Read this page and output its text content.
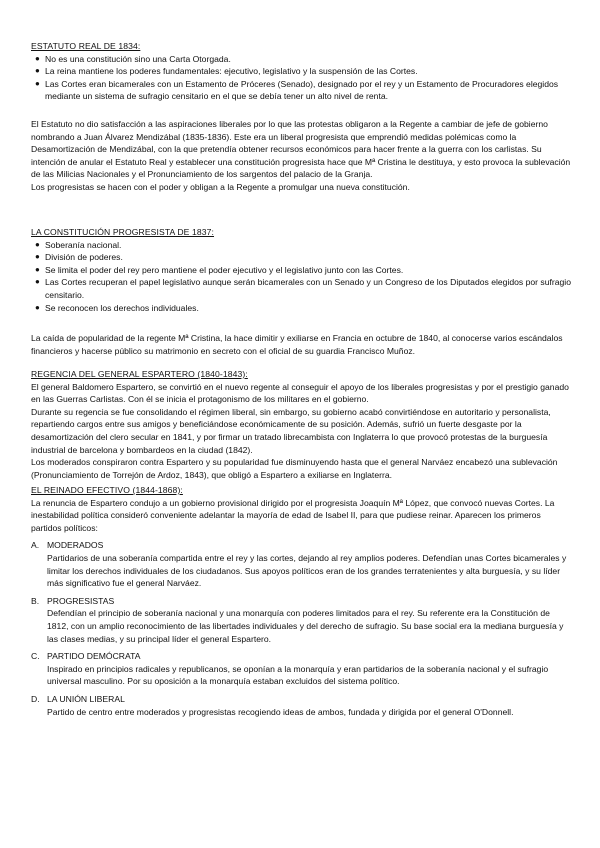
ESTATUTO REAL DE 1834:
● No es una constitución sino una Carta Otorgada.
● La reina mantiene los poderes fundamentales: ejecutivo, legislativo y la suspensión de las Cortes.
● Las Cortes eran bicamerales con un Estamento de Próceres (Senado), designado por el rey y un Estamento de Procuradores elegidos mediante un sistema de sufragio censitario en el que se debía tener un alto nivel de renta.

El Estatuto no dio satisfacción a las aspiraciones liberales por lo que las protestas obligaron a la Regente a cambiar de jefe de gobierno nombrando a Juan Álvarez Mendizábal (1835-1836). Este era un liberal progresista que emprendió medidas polémicas como la Desamortización de Mendizábal, con la que pretendía obtener recursos económicos para hacer frente a la guerra con los carlistas. Su intención de anular el Estatuto Real y establecer una constitución progresista hace que Mª Cristina le destituya, y esto provoca la sublevación de las Milicias Nacionales y el Pronunciamiento de los sargentos del palacio de la Granja.

Los progresistas se hacen con el poder y obligan a la Regente a promulgar una nueva constitución.

LA CONSTITUCIÓN PROGRESISTA DE 1837:
● Soberanía nacional.
● División de poderes.
● Se limita el poder del rey pero mantiene el poder ejecutivo y el legislativo junto con las Cortes.
● Las Cortes recuperan el papel legislativo aunque serán bicamerales con un Senado y un Congreso de los Diputados elegidos por sufragio censitario.
● Se reconocen los derechos individuales.

La caída de popularidad de la regente Mª Cristina, la hace dimitir y exiliarse en Francia en octubre de 1840, al conocerse varios escándalos financieros y hacerse público su matrimonio en secreto con el oficial de su guardia Francisco Muñoz.

REGENCIA DEL GENERAL ESPARTERO (1840-1843):

El general Baldomero Espartero, se convirtió en el nuevo regente al conseguir el apoyo de los liberales progresistas y por el prestigio ganado en las Guerras Carlistas. Con él se inicia el protagonismo de los militares en el gobierno.

Durante su regencia se fue consolidando el régimen liberal, sin embargo, su gobierno acabó convirtiéndose en autoritario y personalista, repartiendo cargos entre sus amigos y beneficiándose económicamente de su posición. Además, sufrió un fuerte desgaste por la desamortización del clero secular en 1841, y por firmar un tratado librecambista con Inglaterra lo que provocó protestas de la burguesía industrial de barcelona y bombardeos en la ciudad (1842).

Los moderados conspiraron contra Espartero y su popularidad fue disminuyendo hasta que el general Narváez encabezó una sublevación (Pronunciamiento de Torrejón de Ardoz, 1843), que obligó a Espartero a exiliarse en Inglaterra.

EL REINADO EFECTIVO (1844-1868):

La renuncia de Espartero condujo a un gobierno provisional dirigido por el progresista Joaquín Mª López, que convocó nuevas Cortes. La inestabilidad política consideró conveniente adelantar la mayoría de edad de Isabel II, para que pudiese reinar. Aparecen los primeros partidos políticos:

A. MODERADOS

Partidarios de una soberanía compartida entre el rey y las cortes, dejando al rey amplios poderes. Defendían unas Cortes bicamerales y limitar los derechos individuales de los ciudadanos. Sus apoyos políticos eran de los grandes terratenientes y alta burguesía, y su líder más significativo fue el general Narváez.

B. PROGRESISTAS

Defendían el principio de soberanía nacional y una monarquía con poderes limitados para el rey. Su referente era la Constitución de 1812, con un amplio reconocimiento de las libertades individuales y del derecho de sufragio. Su base social era la mediana burguesía y las clases medias, y su principal líder el general Espartero.

C. PARTIDO DEMÓCRATA

Inspirado en principios radicales y republicanos, se oponían a la monarquía y eran partidarios de la soberanía nacional y el sufragio universal masculino. Por su oposición a la monarquía estaban excluidos del sistema político.

D. LA UNIÓN LIBERAL

Partido de centro entre moderados y progresistas recogiendo ideas de ambos, fundada y dirigida por el general O'Donnell.
